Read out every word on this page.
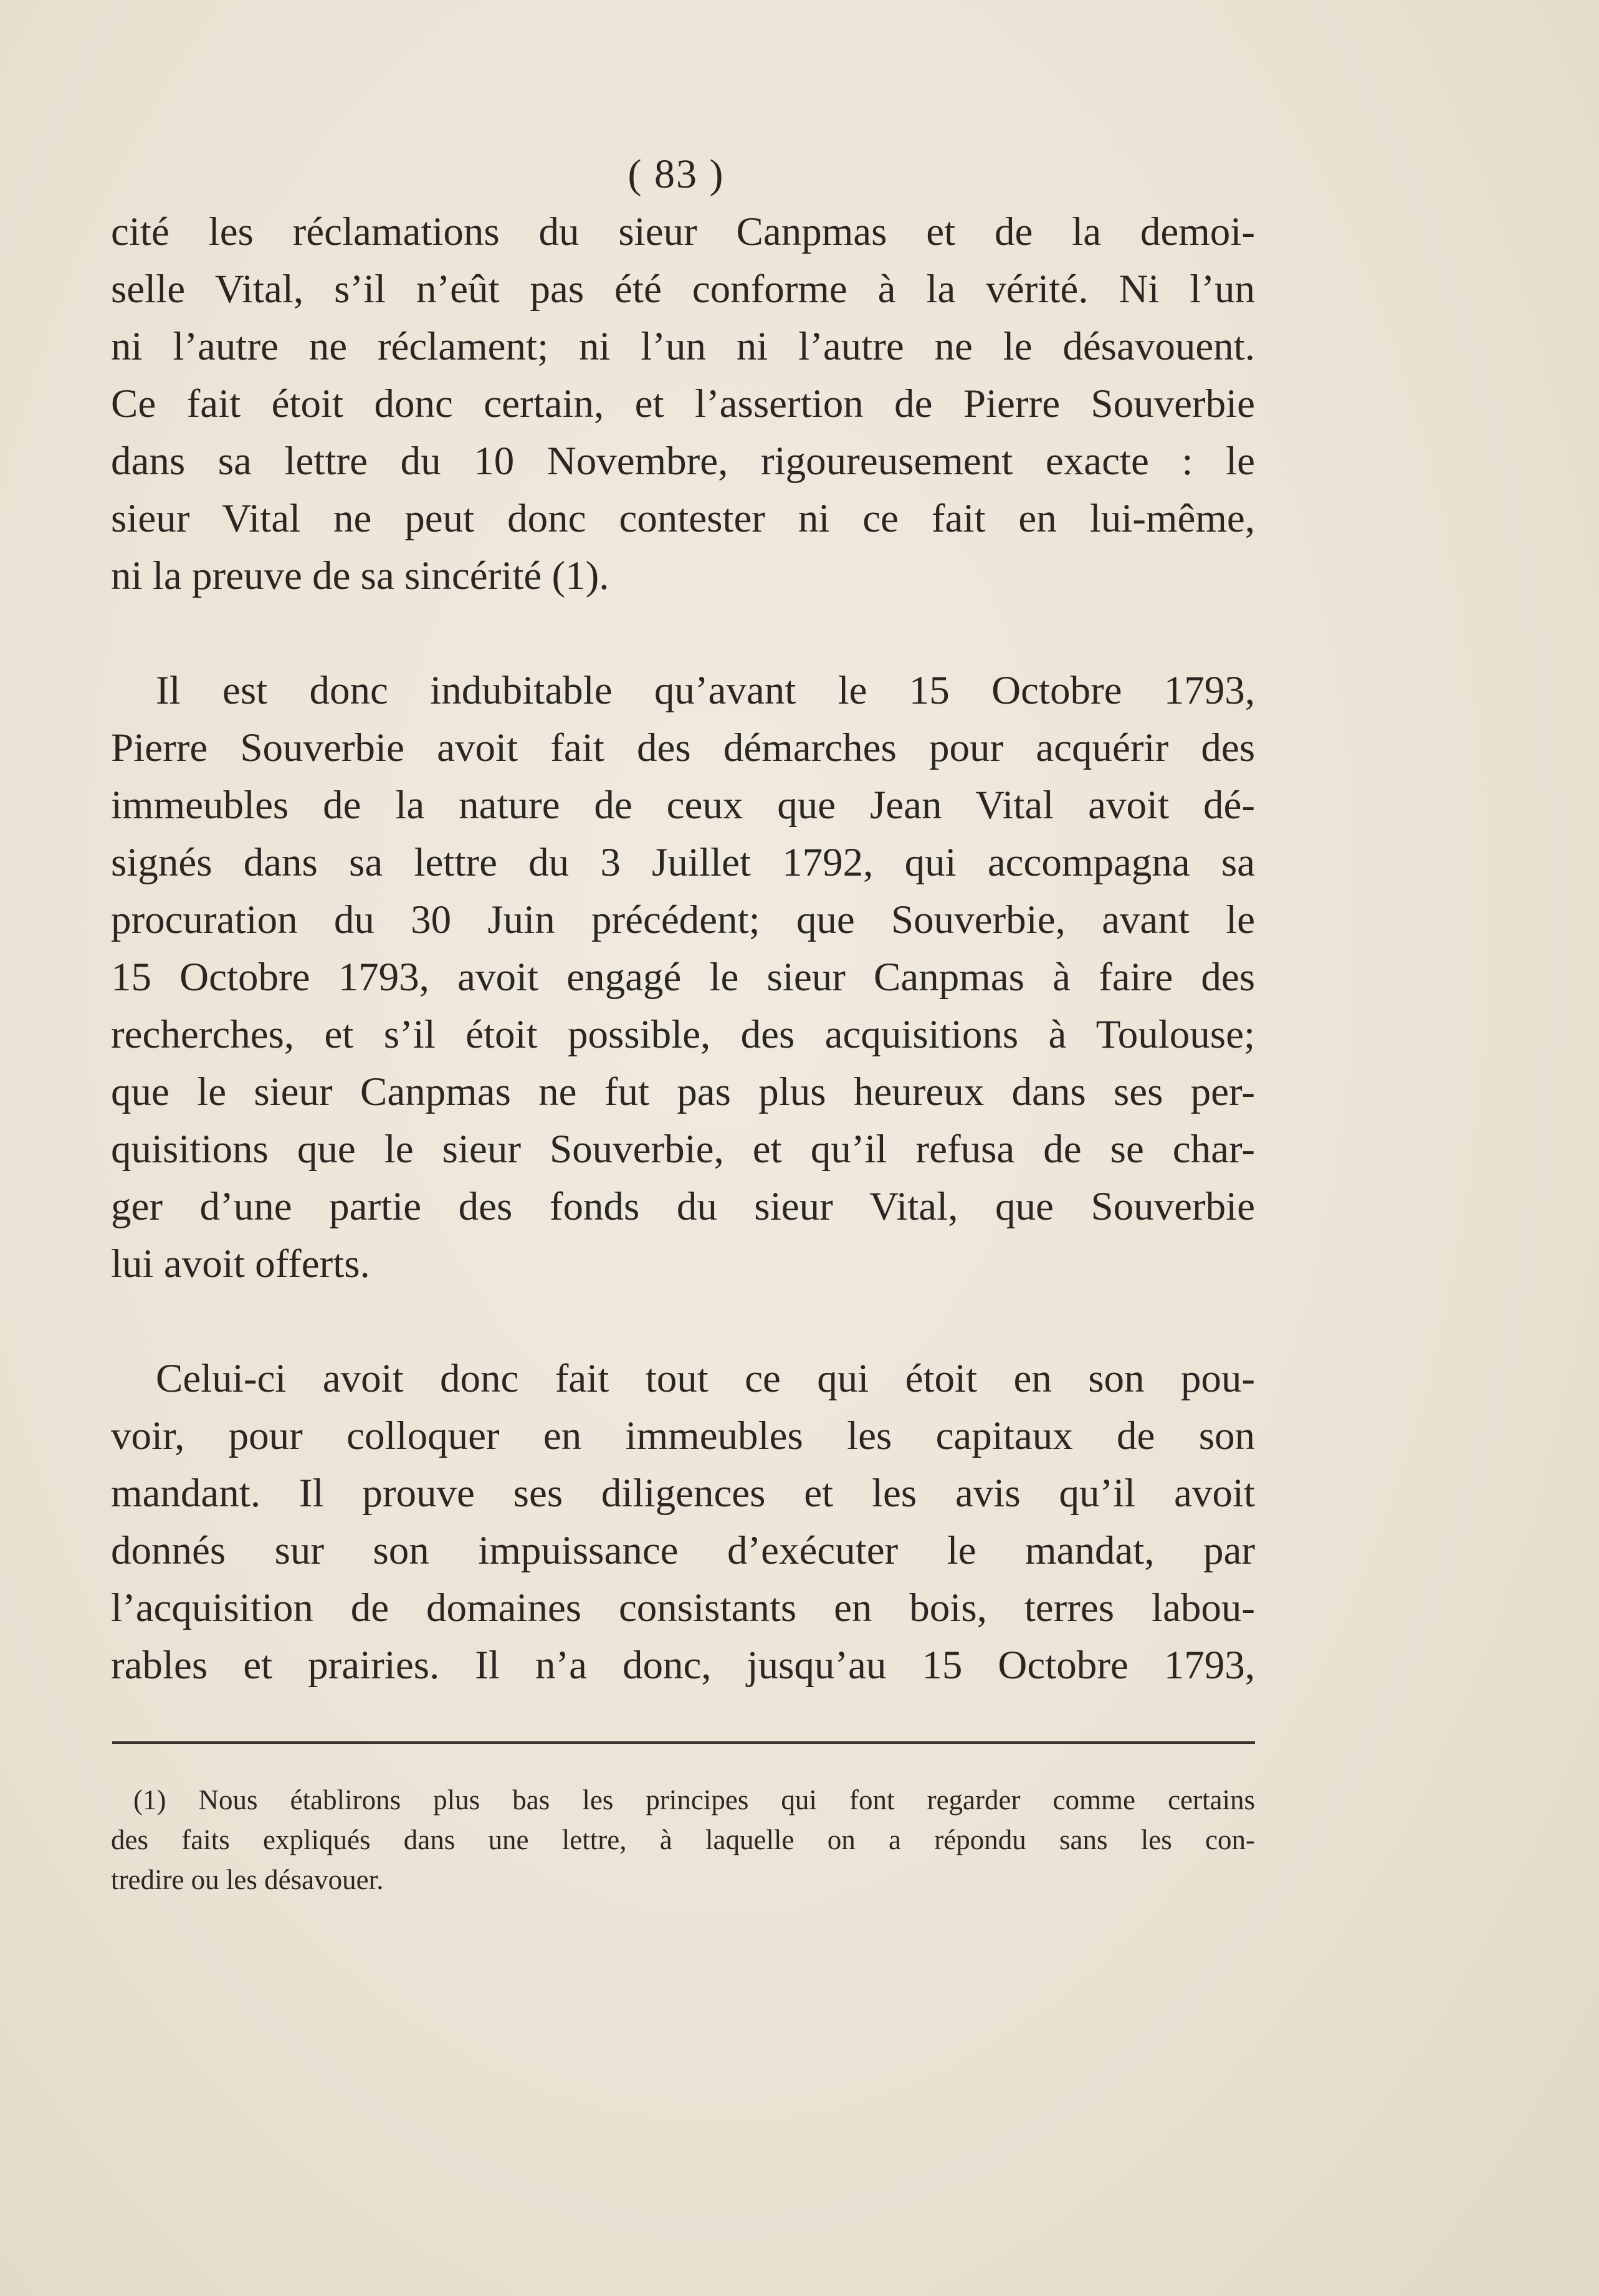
( 83 )
cité les réclamations du sieur Canpmas et de la demoi-
selle Vital, s’il n’eût pas été conforme à la vérité. Ni l’un
ni l’autre ne réclament; ni l’un ni l’autre ne le désavouent.
Ce fait étoit donc certain, et l’assertion de Pierre Souverbie
dans sa lettre du 10 Novembre, rigoureusement exacte : le
sieur Vital ne peut donc contester ni ce fait en lui-même,
ni la preuve de sa sincérité (1).
Il est donc indubitable qu’avant le 15 Octobre 1793,
Pierre Souverbie avoit fait des démarches pour acquérir des
immeubles de la nature de ceux que Jean Vital avoit dé-
signés dans sa lettre du 3 Juillet 1792, qui accompagna sa
procuration du 30 Juin précédent; que Souverbie, avant le
15 Octobre 1793, avoit engagé le sieur Canpmas à faire des
recherches, et s’il étoit possible, des acquisitions à Toulouse;
que le sieur Canpmas ne fut pas plus heureux dans ses per-
quisitions que le sieur Souverbie, et qu’il refusa de se char-
ger d’une partie des fonds du sieur Vital, que Souverbie
lui avoit offerts.
Celui-ci avoit donc fait tout ce qui étoit en son pou-
voir, pour colloquer en immeubles les capitaux de son
mandant. Il prouve ses diligences et les avis qu’il avoit
donnés sur son impuissance d’exécuter le mandat, par
l’acquisition de domaines consistants en bois, terres labou-
rables et prairies. Il n’a donc, jusqu’au 15 Octobre 1793,
(1) Nous établirons plus bas les principes qui font regarder comme certains
des faits expliqués dans une lettre, à laquelle on a répondu sans les con-
tredire ou les désavouer.
